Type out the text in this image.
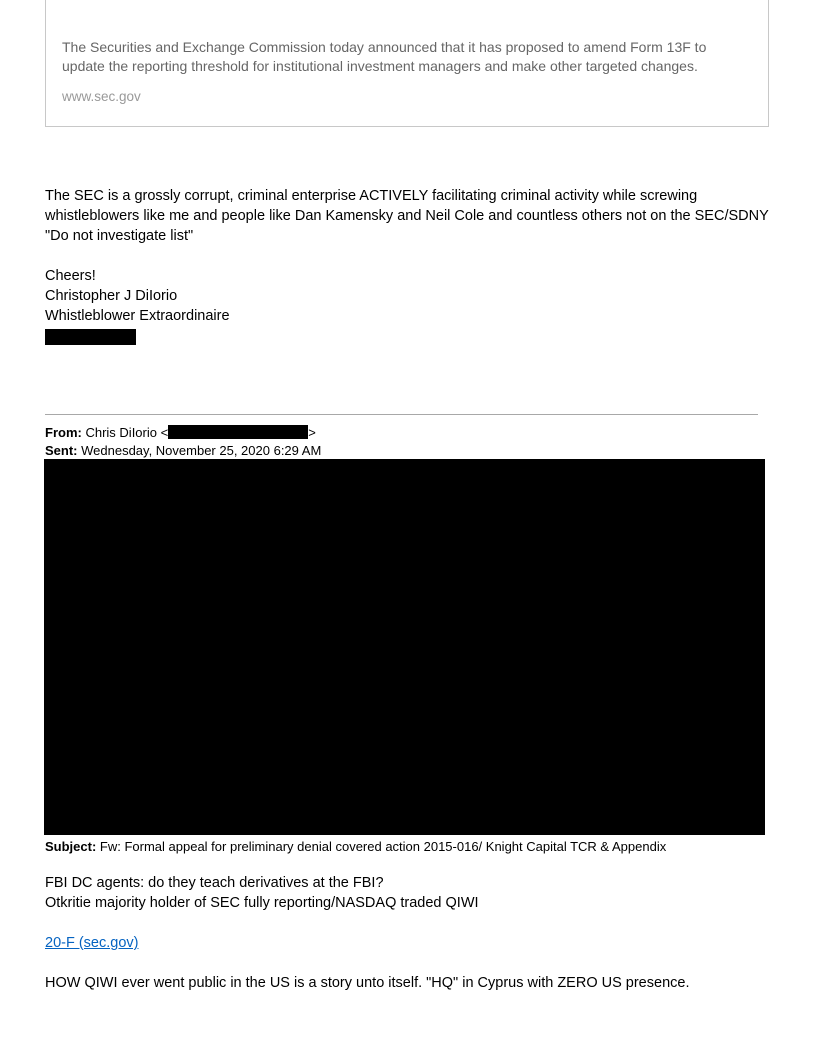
The Securities and Exchange Commission today announced that it has proposed to amend Form 13F to update the reporting threshold for institutional investment managers and make other targeted changes.
www.sec.gov
The SEC is a grossly corrupt, criminal enterprise ACTIVELY facilitating criminal activity while screwing whistleblowers like me and people like Dan Kamensky and Neil Cole and countless others not on the SEC/SDNY "Do not investigate list"
Cheers!
Christopher J DiIorio
Whistleblower Extraordinaire
From: Chris DiIorio <	>
Sent: Wednesday, November 25, 2020 6:29 AM
Subject: Fw: Formal appeal for preliminary denial covered action 2015-016/ Knight Capital TCR & Appendix
FBI DC agents: do they teach derivatives at the FBI?
Otkritie majority holder of SEC fully reporting/NASDAQ traded QIWI
20-F (sec.gov)
HOW QIWI ever went public in the US is a story unto itself. "HQ" in Cyprus with ZERO US presence.
